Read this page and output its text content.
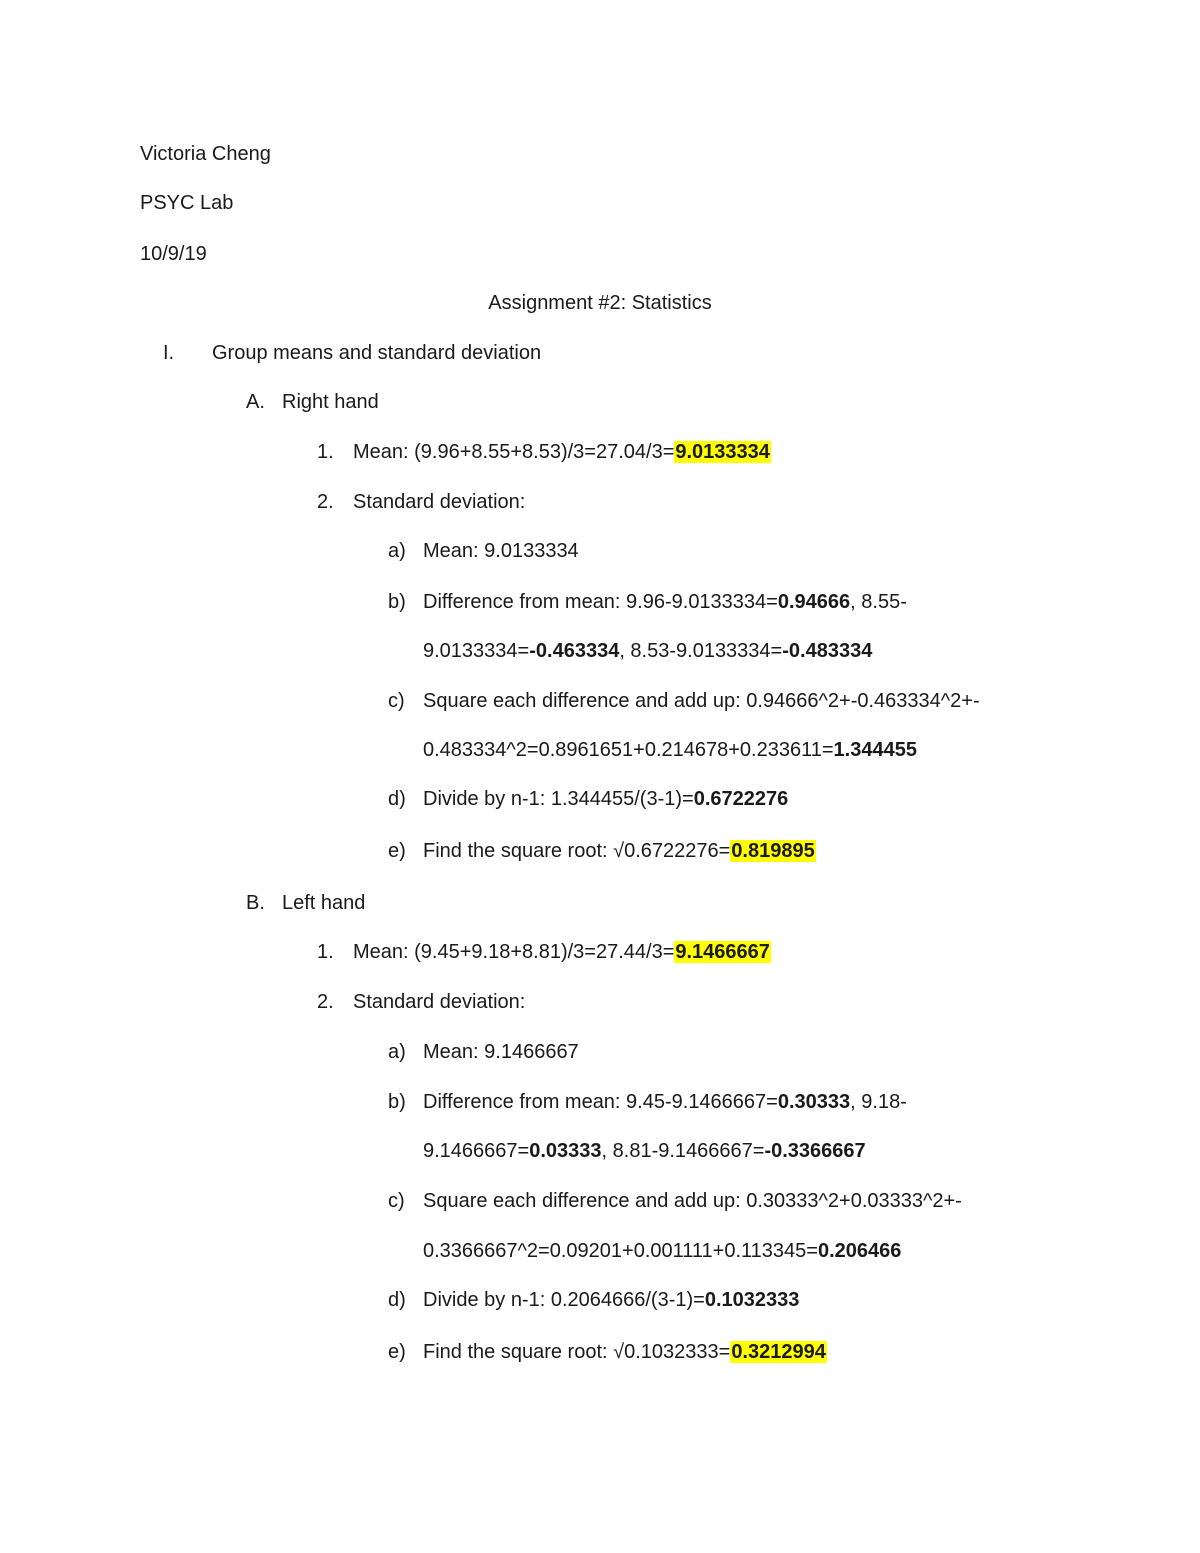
Victoria Cheng
PSYC Lab
10/9/19
Assignment #2: Statistics
I. Group means and standard deviation
A. Right hand
1. Mean: (9.96+8.55+8.53)/3=27.04/3=9.0133334
2. Standard deviation:
a) Mean: 9.0133334
b) Difference from mean: 9.96-9.0133334=0.94666, 8.55-
9.0133334=-0.463334, 8.53-9.0133334=-0.483334
c) Square each difference and add up: 0.94666^2+-0.463334^2+-
0.483334^2=0.8961651+0.214678+0.233611=1.344455
d) Divide by n-1: 1.344455/(3-1)=0.6722276
e) Find the square root: √0.6722276=0.819895
B. Left hand
1. Mean: (9.45+9.18+8.81)/3=27.44/3=9.1466667
2. Standard deviation:
a) Mean: 9.1466667
b) Difference from mean: 9.45-9.1466667=0.30333, 9.18-
9.1466667=0.03333, 8.81-9.1466667=-0.3366667
c) Square each difference and add up: 0.30333^2+0.03333^2+-
0.3366667^2=0.09201+0.001111+0.113345=0.206466
d) Divide by n-1: 0.2064666/(3-1)=0.1032333
e) Find the square root: √0.1032333=0.3212994
